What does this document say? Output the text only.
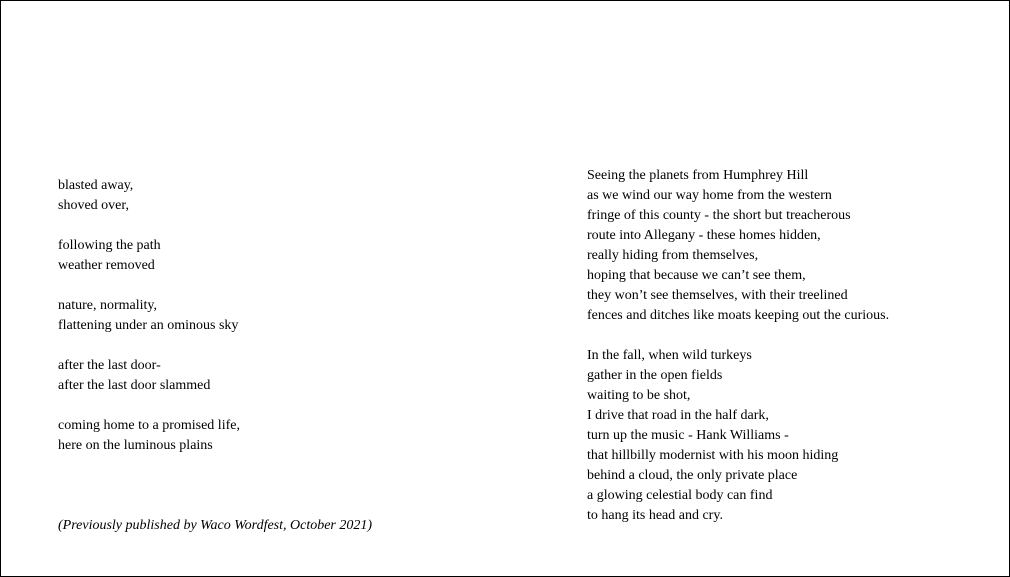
blasted away,
shoved over,
following the path
weather removed
nature, normality,
flattening under an ominous sky
after the last door-
after the last door slammed
coming home to a promised life,
here on the luminous plains
(Previously published by Waco Wordfest, October 2021)
Seeing the planets from Humphrey Hill
as we wind our way home from the western
fringe of this county - the short but treacherous
route into Allegany - these homes hidden,
really hiding from themselves,
hoping that because we can’t see them,
they won’t see themselves, with their treelined
fences and ditches like moats keeping out the curious.
In the fall, when wild turkeys
gather in the open fields
waiting to be shot,
I drive that road in the half dark,
turn up the music - Hank Williams -
that hillbilly modernist with his moon hiding
behind a cloud, the only private place
a glowing celestial body can find
to hang its head and cry.
